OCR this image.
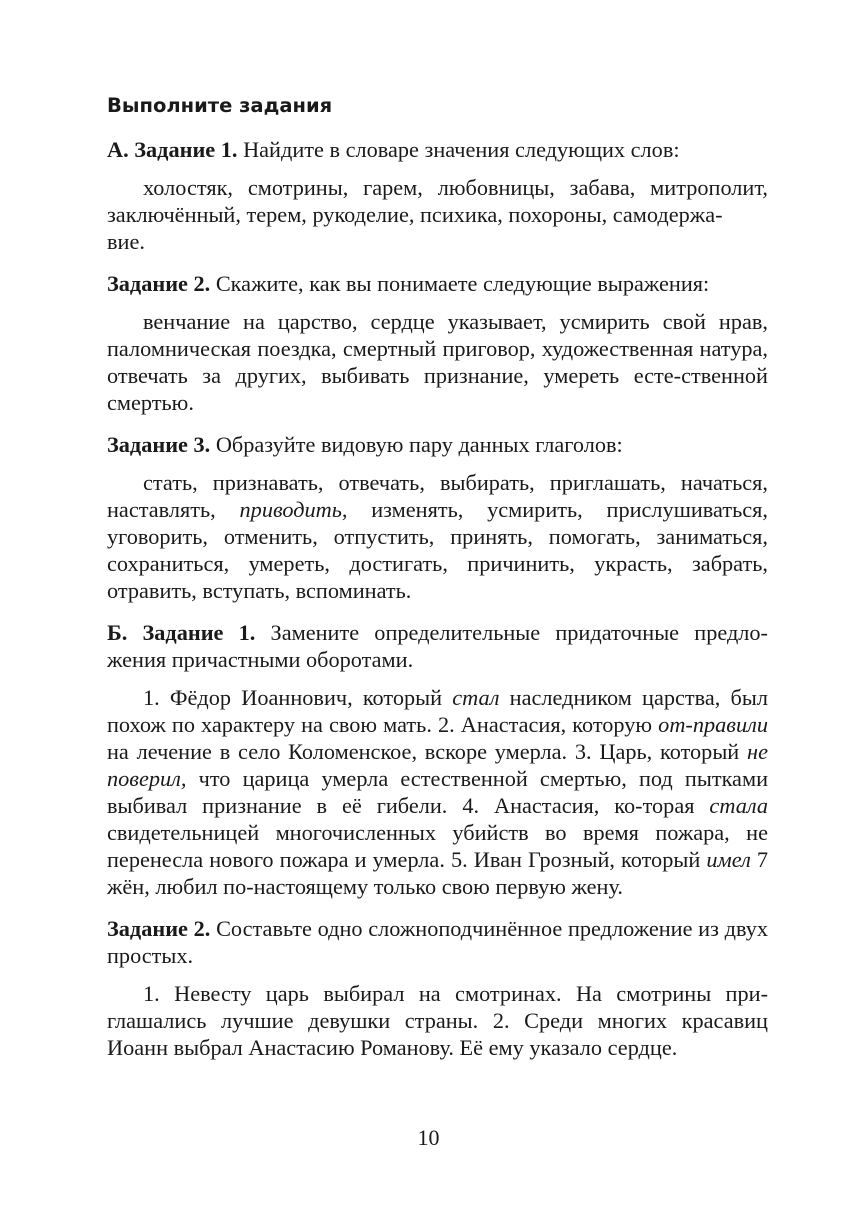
Выполните задания

А. Задание 1. Найдите в словаре значения следующих слов:

холостяк, смотрины, гарем, любовницы, забава, митрополит, заключённый, терем, рукоделие, психика, похороны, самодержа-
вие.

Задание 2. Скажите, как вы понимаете следующие выражения:

венчание на царство, сердце указывает, усмирить свой нрав, паломническая поездка, смертный приговор, художественная натура, отвечать за других, выбивать признание, умереть есте-ственной смертью.

Задание 3. Образуйте видовую пару данных глаголов:

стать, признавать, отвечать, выбирать, приглашать, начаться, наставлять, приводить, изменять, усмирить, прислушиваться, уговорить, отменить, отпустить, принять, помогать, заниматься, сохраниться, умереть, достигать, причинить, украсть, забрать, отравить, вступать, вспоминать.

Б. Задание 1. Замените определительные придаточные предло-жения причастными оборотами.

1. Фёдор Иоаннович, который стал наследником царства, был похож по характеру на свою мать. 2. Анастасия, которую от-правили на лечение в село Коломенское, вскоре умерла. 3. Царь, который не поверил, что царица умерла естественной смертью, под пытками выбивал признание в её гибели. 4. Анастасия, ко-торая стала свидетельницей многочисленных убийств во время пожара, не перенесла нового пожара и умерла. 5. Иван Грозный, который имел 7 жён, любил по-настоящему только свою первую жену.

Задание 2. Составьте одно сложноподчинённое предложение из двух простых.

1. Невесту царь выбирал на смотринах. На смотрины при-глашались лучшие девушки страны. 2. Среди многих красавиц Иоанн выбрал Анастасию Романову. Её ему указало сердце.

10
